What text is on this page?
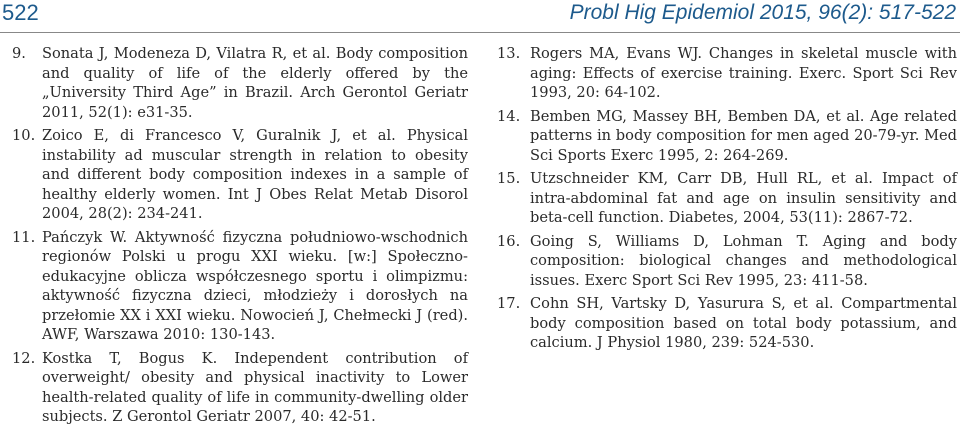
522	Probl Hig Epidemiol 2015, 96(2): 517-522
9. Sonata J, Modeneza D, Vilatra R, et al. Body composition and quality of life of the elderly offered by the „University Third Age” in Brazil. Arch Gerontol Geriatr 2011, 52(1): e31-35.
10. Zoico E, di Francesco V, Guralnik J, et al. Physical instability ad muscular strength in relation to obesity and different body composition indexes in a sample of healthy elderly women. Int J Obes Relat Metab Disorol 2004, 28(2): 234-241.
11. Pańczyk W. Aktywność fizyczna południowo-wschodnich regionów Polski u progu XXI wieku. [w:] Społeczno-edukacyjne oblicza współczesnego sportu i olimpizmu: aktywność fizyczna dzieci, młodzieży i dorosłych na przełomie XX i XXI wieku. Nowocień J, Chełmecki J (red). AWF, Warszawa 2010: 130-143.
12. Kostka T, Bogus K. Independent contribution of overweight/ obesity and physical inactivity to Lower health-related quality of life in community-dwelling older subjects. Z Gerontol Geriatr 2007, 40: 42-51.
13. Rogers MA, Evans WJ. Changes in skeletal muscle with aging: Effects of exercise training. Exerc. Sport Sci Rev 1993, 20: 64-102.
14. Bemben MG, Massey BH, Bemben DA, et al. Age related patterns in body composition for men aged 20-79-yr. Med Sci Sports Exerc 1995, 2: 264-269.
15. Utzschneider KM, Carr DB, Hull RL, et al. Impact of intra-abdominal fat and age on insulin sensitivity and beta-cell function. Diabetes, 2004, 53(11): 2867-72.
16. Going S, Williams D, Lohman T. Aging and body composition: biological changes and methodological issues. Exerc Sport Sci Rev 1995, 23: 411-58.
17. Cohn SH, Vartsky D, Yasurura S, et al. Compartmental body composition based on total body potassium, and calcium. J Physiol 1980, 239: 524-530.
